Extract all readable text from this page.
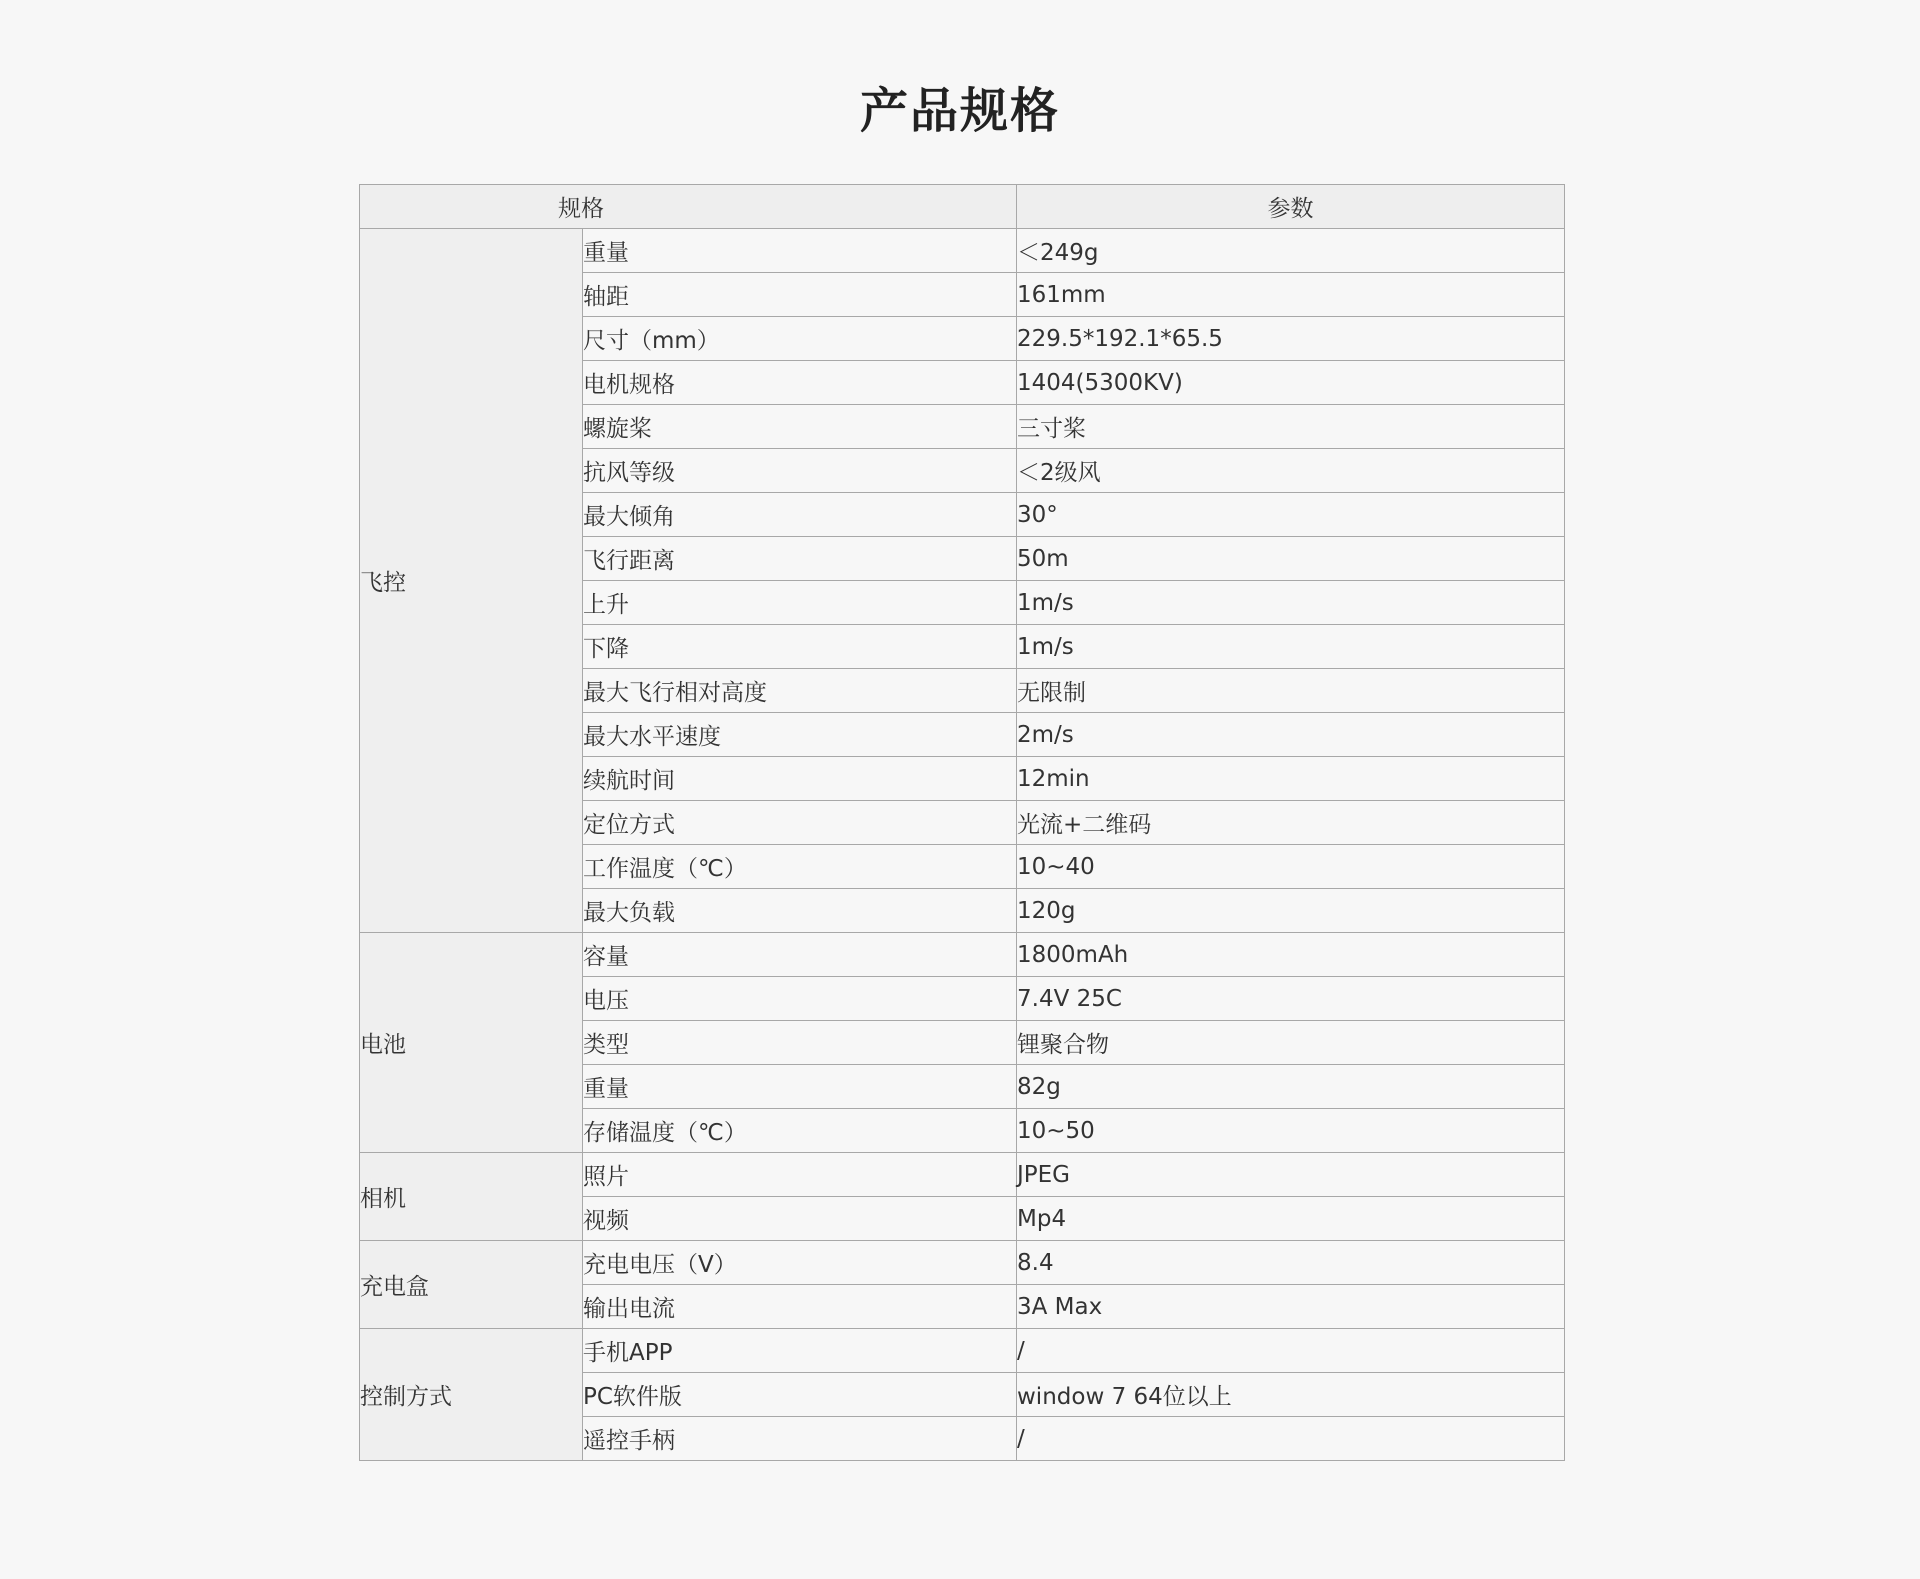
产品规格
规格		参数
飞控	重量	＜249g
	轴距	161mm
	尺寸（mm）	229.5*192.1*65.5
	电机规格	1404(5300KV)
	螺旋桨	三寸桨
	抗风等级	＜2级风
	最大倾角	30°
	飞行距离	50m
	上升	1m/s
	下降	1m/s
	最大飞行相对高度	无限制
	最大水平速度	2m/s
	续航时间	12min
	定位方式	光流+二维码
	工作温度（℃）	10~40
	最大负载	120g
电池	容量	1800mAh
	电压	7.4V 25C
	类型	锂聚合物
	重量	82g
	存储温度（℃）	10~50
相机	照片	JPEG
	视频	Mp4
充电盒	充电电压（V）	8.4
	输出电流	3A Max
控制方式	手机APP	/
	PC软件版	window 7 64位以上
	遥控手柄	/
